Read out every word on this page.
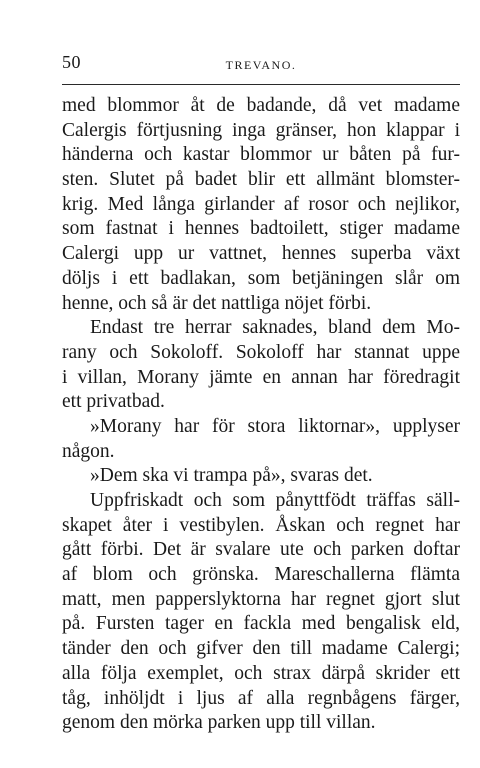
50	TREVANO.
med blommor åt de badande, då vet madame
Calergis förtjusning inga gränser, hon klappar i
händerna och kastar blommor ur båten på fur-
sten. Slutet på badet blir ett allmänt blomster-
krig. Med långa girlander af rosor och nejlikor,
som fastnat i hennes badtoilett, stiger madame
Calergi upp ur vattnet, hennes superba växt
döljs i ett badlakan, som betjäningen slår om
henne, och så är det nattliga nöjet förbi.
Endast tre herrar saknades, bland dem Mo-
rany och Sokoloff. Sokoloff har stannat uppe
i villan, Morany jämte en annan har föredragit
ett privatbad.
»Morany har för stora liktornar», upplyser
någon.
»Dem ska vi trampa på», svaras det.
Uppfriskadt och som pånyttfödt träffas säll-
skapet åter i vestibylen. Åskan och regnet har
gått förbi. Det är svalare ute och parken doftar
af blom och grönska. Mareschallerna flämta
matt, men papperslyktorna har regnet gjort slut
på. Fursten tager en fackla med bengalisk eld,
tänder den och gifver den till madame Calergi;
alla följa exemplet, och strax därpå skrider ett
tåg, inhöljdt i ljus af alla regnbågens färger,
genom den mörka parken upp till villan.
